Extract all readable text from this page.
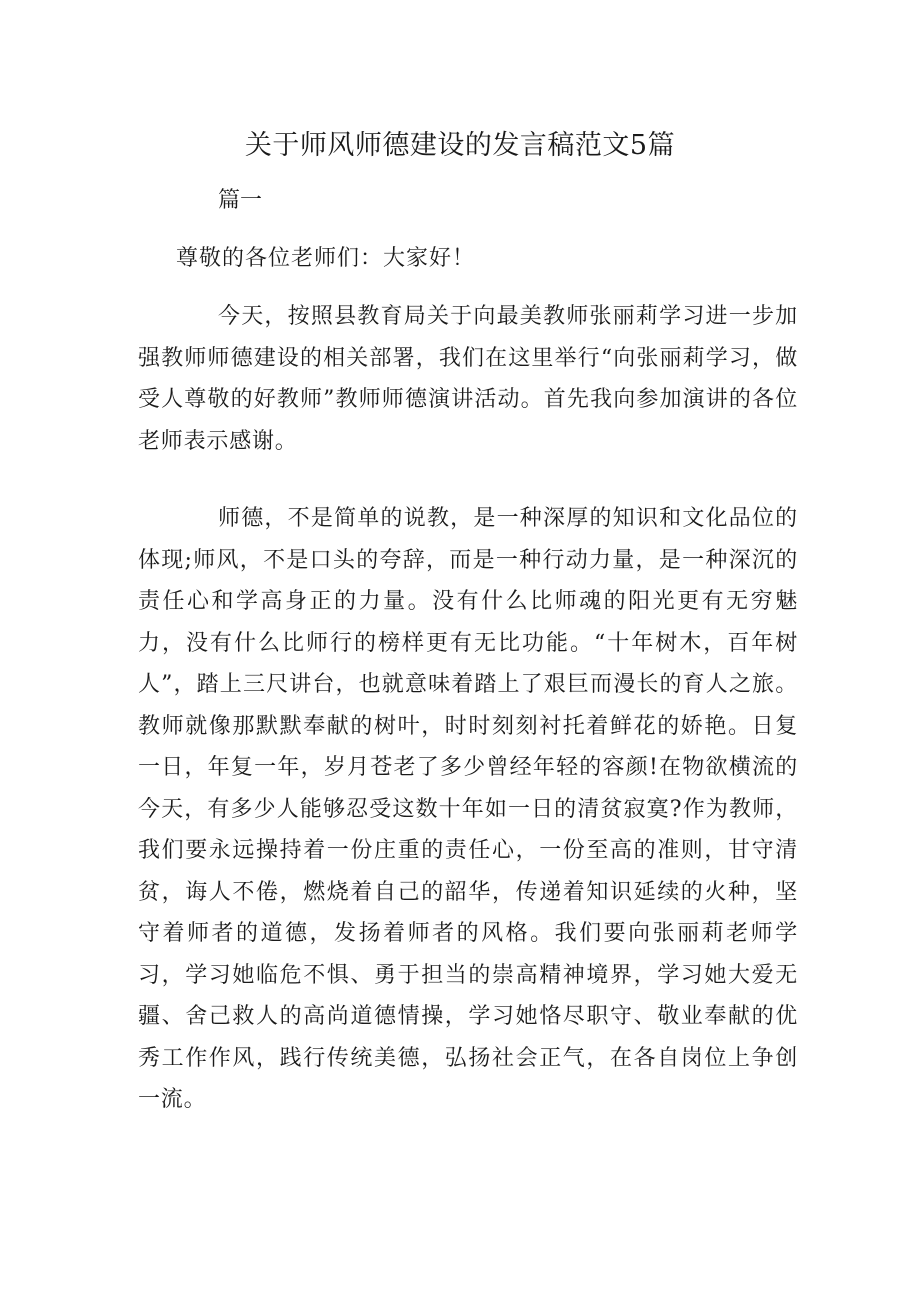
关于师风师德建设的发言稿范文5篇

篇一

尊敬的各位老师们：大家好！

今天，按照县教育局关于向最美教师张丽莉学习进一步加强教师师德建设的相关部署，我们在这里举行“向张丽莉学习，做受人尊敬的好教师”教师师德演讲活动。首先我向参加演讲的各位老师表示感谢。

师德，不是简单的说教，是一种深厚的知识和文化品位的体现;师风，不是口头的夸辞，而是一种行动力量，是一种深沉的责任心和学高身正的力量。没有什么比师魂的阳光更有无穷魅力，没有什么比师行的榜样更有无比功能。“十年树木，百年树人”，踏上三尺讲台，也就意味着踏上了艰巨而漫长的育人之旅。教师就像那默默奉献的树叶，时时刻刻衬托着鲜花的娇艳。日复一日，年复一年，岁月苍老了多少曾经年轻的容颜!在物欲横流的今天，有多少人能够忍受这数十年如一日的清贫寂寞?作为教师，我们要永远操持着一份庄重的责任心，一份至高的准则，甘守清贫，诲人不倦，燃烧着自己的韶华，传递着知识延续的火种，坚守着师者的道德，发扬着师者的风格。我们要向张丽莉老师学习，学习她临危不惧、勇于担当的崇高精神境界，学习她大爱无疆、舍己救人的高尚道德情操，学习她恪尽职守、敬业奉献的优秀工作作风，践行传统美德，弘扬社会正气，在各自岗位上争创一流。
